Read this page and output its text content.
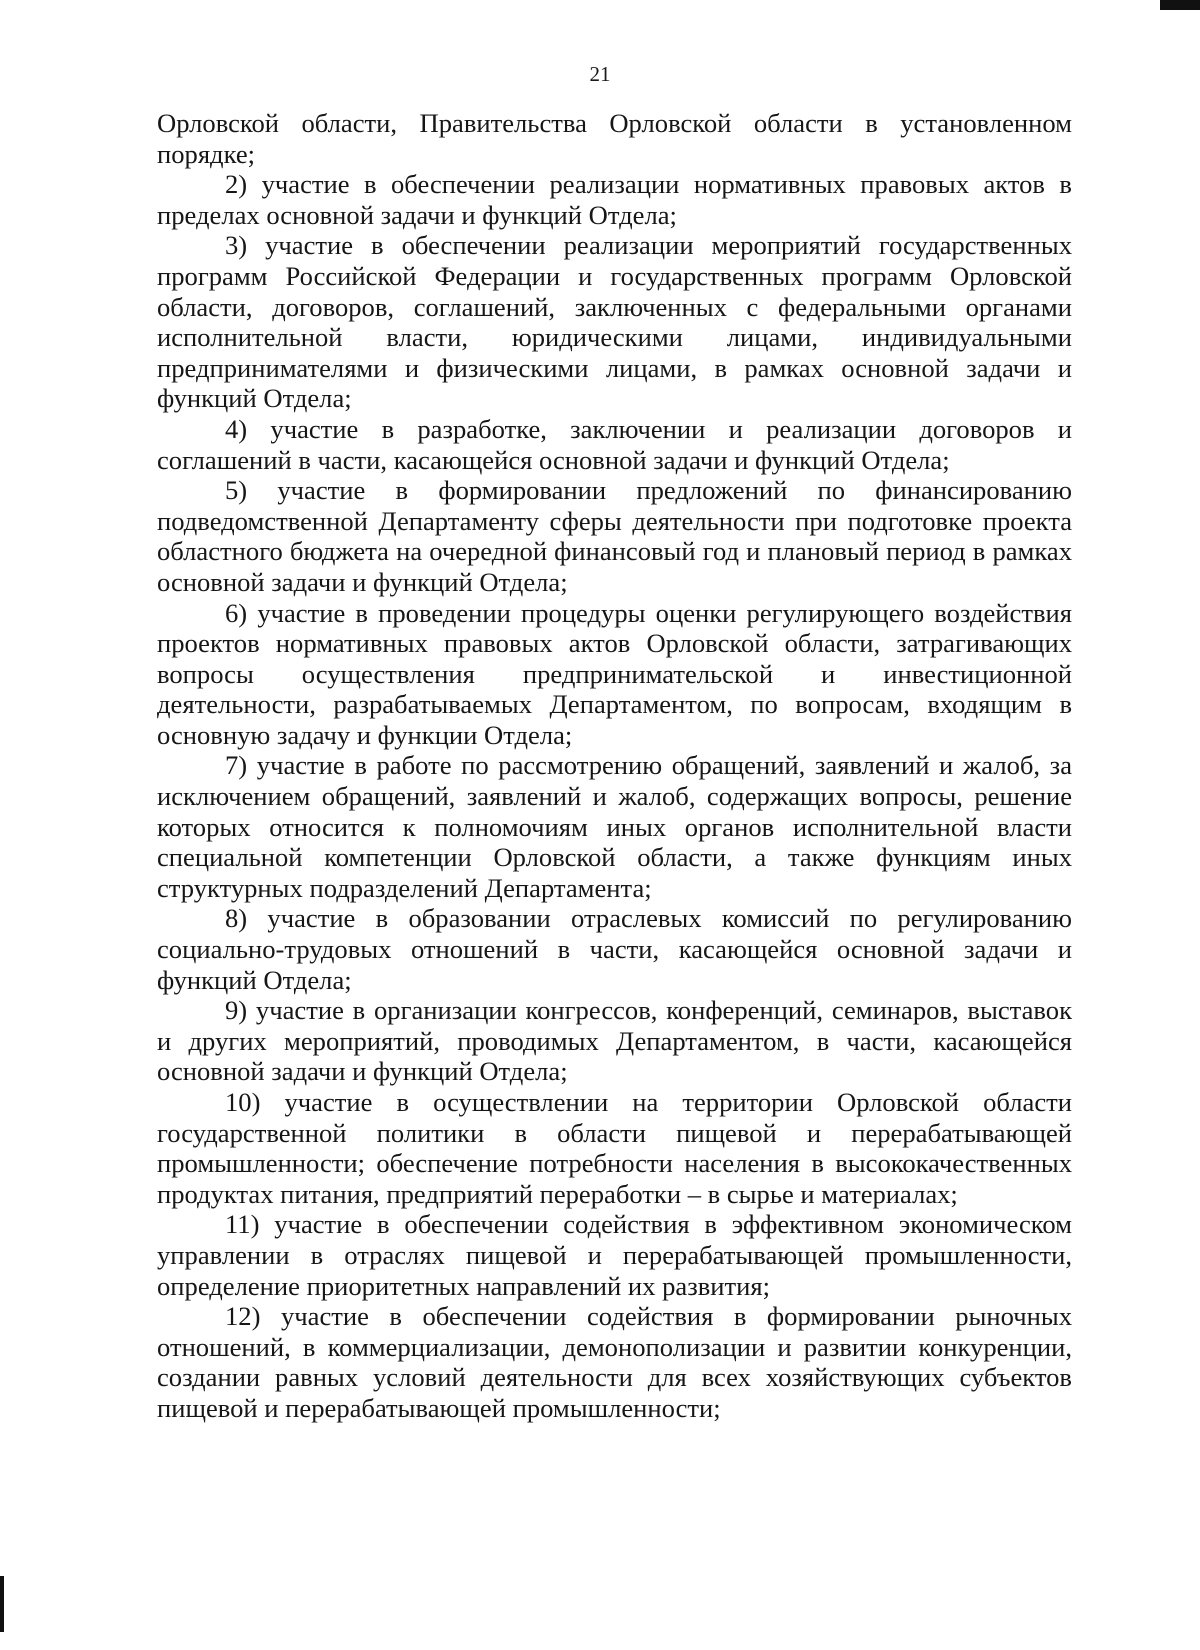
21

Орловской области, Правительства Орловской области в установленном порядке;

2) участие в обеспечении реализации нормативных правовых актов в пределах основной задачи и функций Отдела;

3) участие в обеспечении реализации мероприятий государственных программ Российской Федерации и государственных программ Орловской области, договоров, соглашений, заключенных с федеральными органами исполнительной власти, юридическими лицами, индивидуальными предпринимателями и физическими лицами, в рамках основной задачи и функций Отдела;

4) участие в разработке, заключении и реализации договоров и соглашений в части, касающейся основной задачи и функций Отдела;

5) участие в формировании предложений по финансированию подведомственной Департаменту сферы деятельности при подготовке проекта областного бюджета на очередной финансовый год и плановый период в рамках основной задачи и функций Отдела;

6) участие в проведении процедуры оценки регулирующего воздействия проектов нормативных правовых актов Орловской области, затрагивающих вопросы осуществления предпринимательской и инвестиционной деятельности, разрабатываемых Департаментом, по вопросам, входящим в основную задачу и функции Отдела;

7) участие в работе по рассмотрению обращений, заявлений и жалоб, за исключением обращений, заявлений и жалоб, содержащих вопросы, решение которых относится к полномочиям иных органов исполнительной власти специальной компетенции Орловской области, а также функциям иных структурных подразделений Департамента;

8) участие в образовании отраслевых комиссий по регулированию социально-трудовых отношений в части, касающейся основной задачи и функций Отдела;

9) участие в организации конгрессов, конференций, семинаров, выставок и других мероприятий, проводимых Департаментом, в части, касающейся основной задачи и функций Отдела;

10) участие в осуществлении на территории Орловской области государственной политики в области пищевой и перерабатывающей промышленности; обеспечение потребности населения в высококачественных продуктах питания, предприятий переработки – в сырье и материалах;

11) участие в обеспечении содействия в эффективном экономическом управлении в отраслях пищевой и перерабатывающей промышленности, определение приоритетных направлений их развития;

12) участие в обеспечении содействия в формировании рыночных отношений, в коммерциализации, демонополизации и развитии конкуренции, создании равных условий деятельности для всех хозяйствующих субъектов пищевой и перерабатывающей промышленности;
